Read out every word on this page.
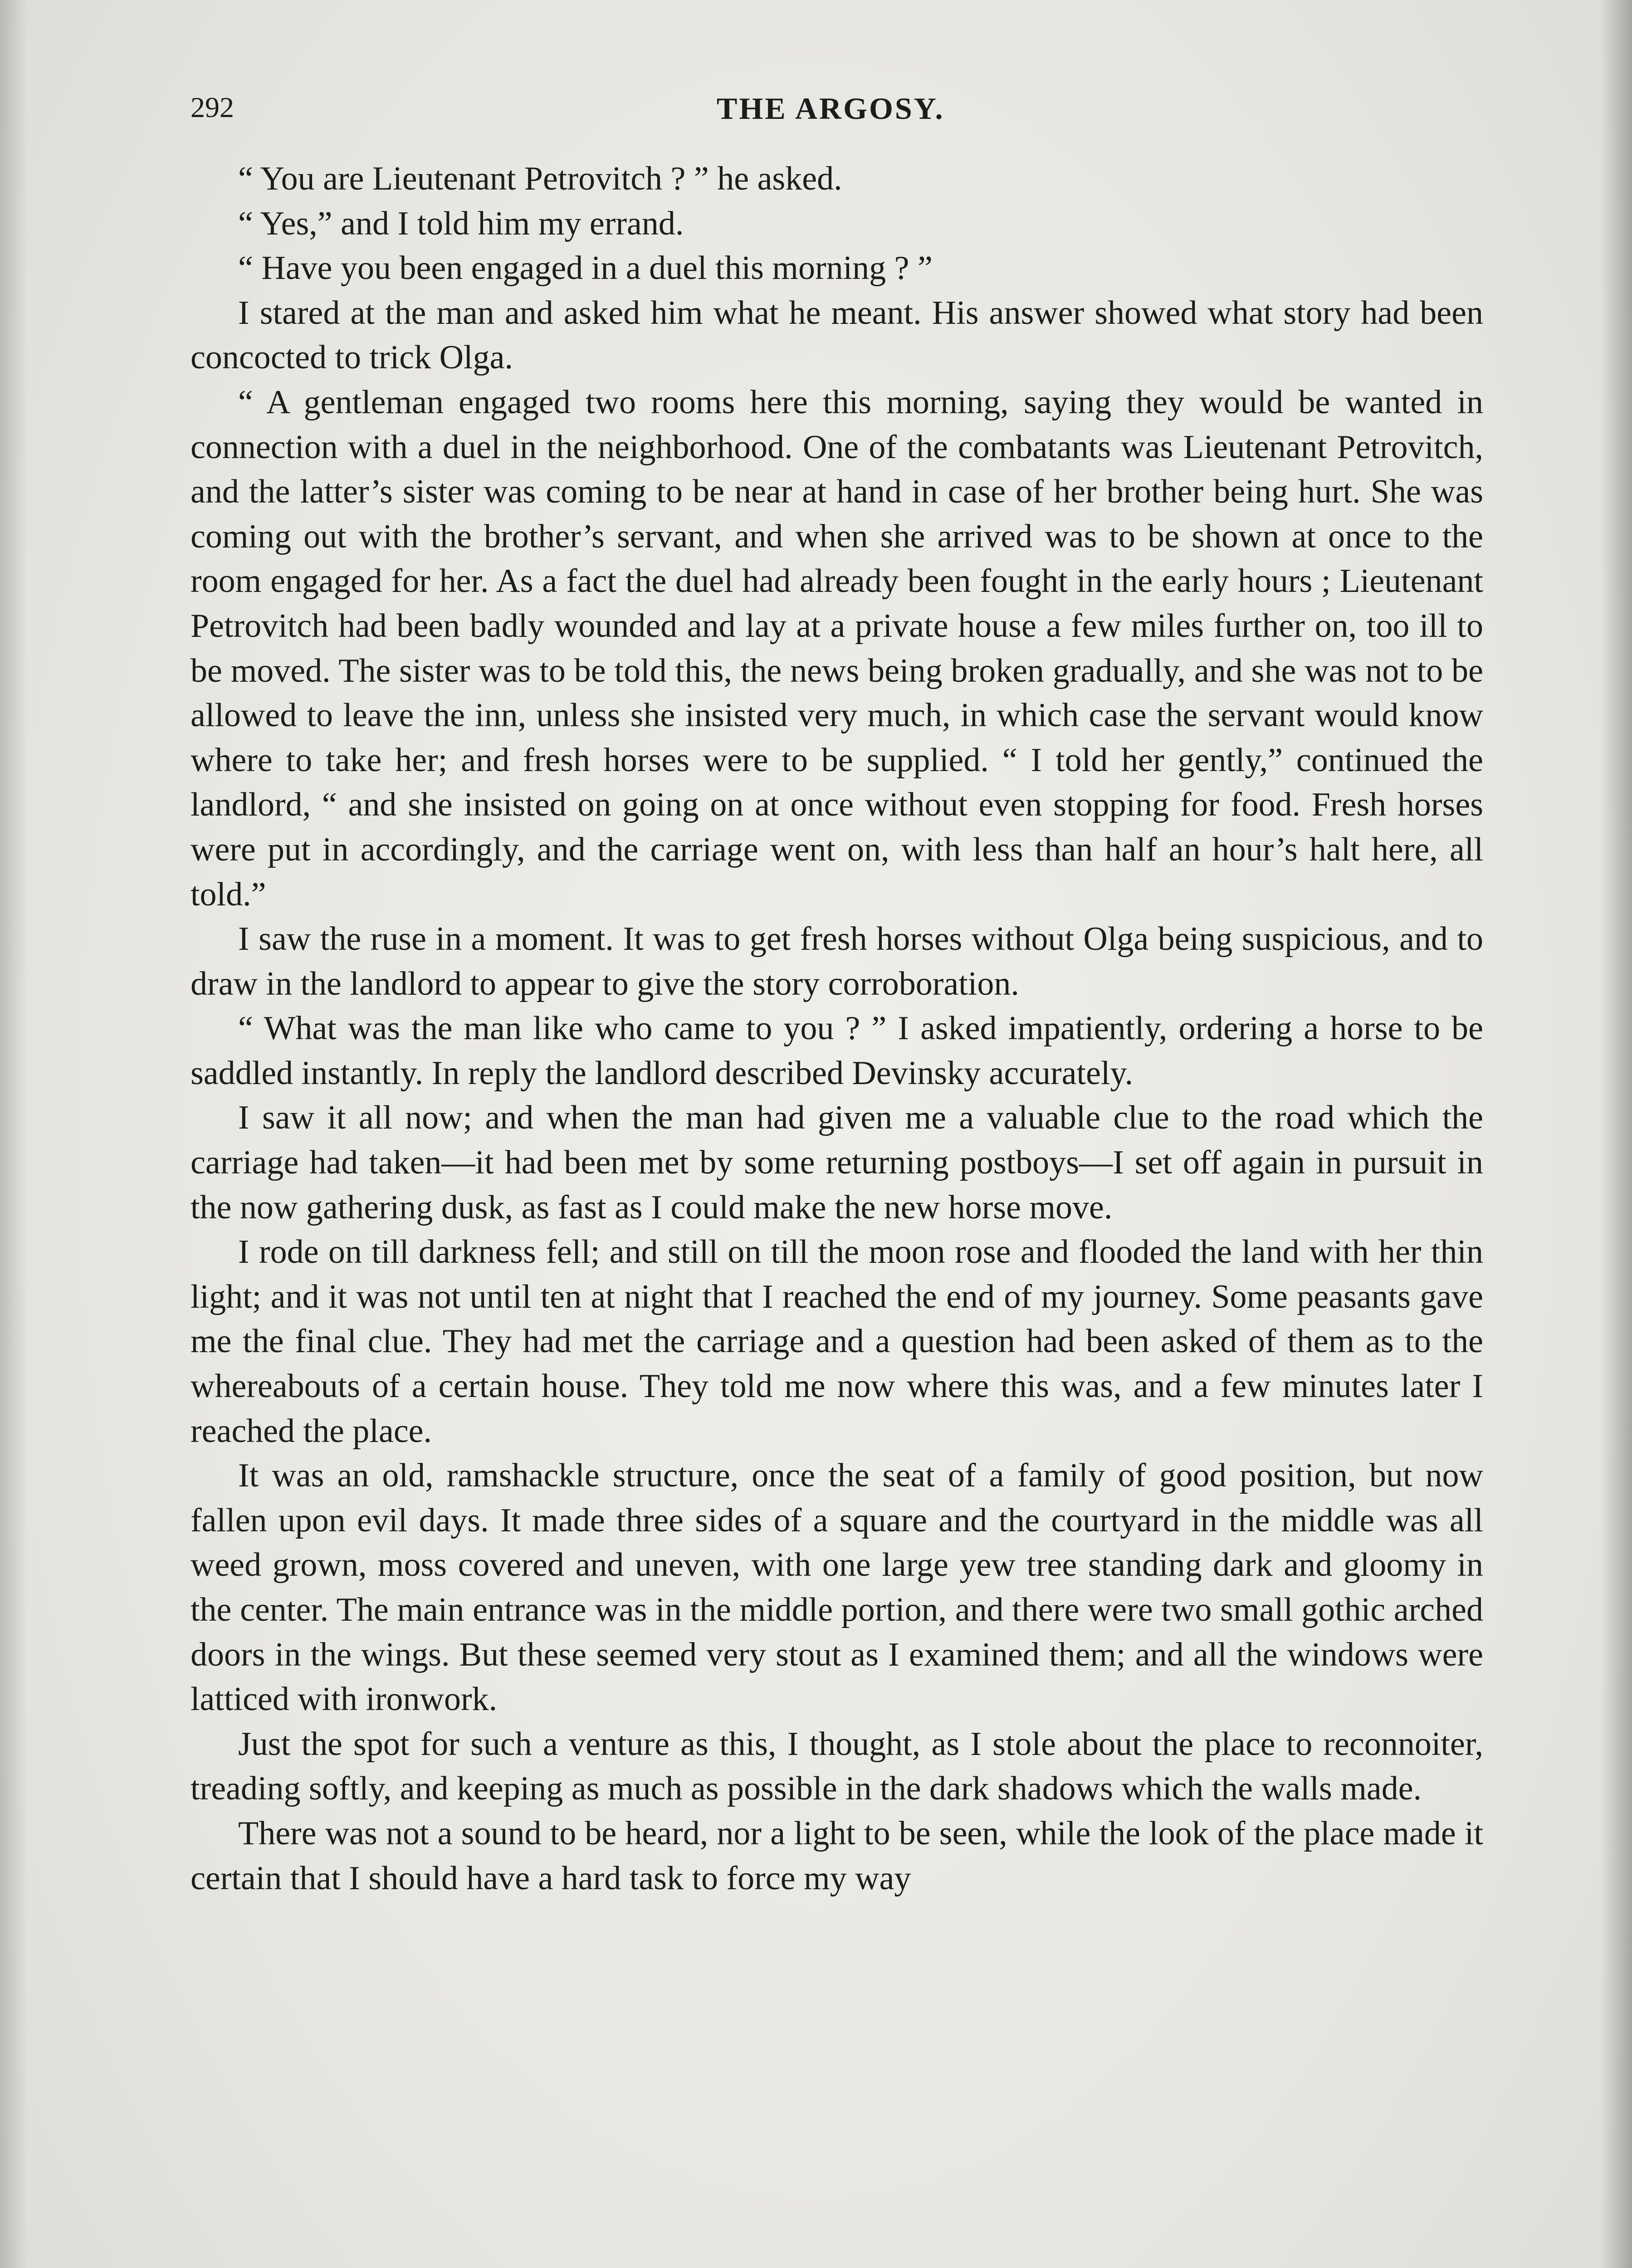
292	THE ARGOSY.

“ You are Lieutenant Petrovitch ? ” he asked.

“ Yes,” and I told him my errand.

“ Have you been engaged in a duel this morning ? ”

I stared at the man and asked him what he meant. His answer showed what story had been concocted to trick Olga.

“ A gentleman engaged two rooms here this morning, saying they would be wanted in connection with a duel in the neighborhood. One of the combatants was Lieutenant Petrovitch, and the latter’s sister was coming to be near at hand in case of her brother being hurt. She was coming out with the brother’s servant, and when she arrived was to be shown at once to the room engaged for her. As a fact the duel had already been fought in the early hours ; Lieutenant Petrovitch had been badly wounded and lay at a private house a few miles further on, too ill to be moved. The sister was to be told this, the news being broken gradually, and she was not to be allowed to leave the inn, unless she insisted very much, in which case the servant would know where to take her; and fresh horses were to be supplied. “ I told her gently,” continued the landlord, “ and she insisted on going on at once without even stopping for food. Fresh horses were put in accordingly, and the carriage went on, with less than half an hour’s halt here, all told.”

I saw the ruse in a moment. It was to get fresh horses without Olga being suspicious, and to draw in the landlord to appear to give the story corroboration.

“ What was the man like who came to you ? ” I asked impatiently, ordering a horse to be saddled instantly. In reply the landlord described Devinsky accurately.

I saw it all now; and when the man had given me a valuable clue to the road which the carriage had taken—it had been met by some returning postboys—I set off again in pursuit in the now gathering dusk, as fast as I could make the new horse move.

I rode on till darkness fell; and still on till the moon rose and flooded the land with her thin light; and it was not until ten at night that I reached the end of my journey. Some peasants gave me the final clue. They had met the carriage and a question had been asked of them as to the whereabouts of a certain house. They told me now where this was, and a few minutes later I reached the place.

It was an old, ramshackle structure, once the seat of a family of good position, but now fallen upon evil days. It made three sides of a square and the courtyard in the middle was all weed grown, moss covered and uneven, with one large yew tree standing dark and gloomy in the center. The main entrance was in the middle portion, and there were two small gothic arched doors in the wings. But these seemed very stout as I examined them; and all the windows were latticed with ironwork.

Just the spot for such a venture as this, I thought, as I stole about the place to reconnoiter, treading softly, and keeping as much as possible in the dark shadows which the walls made.

There was not a sound to be heard, nor a light to be seen, while the look of the place made it certain that I should have a hard task to force my way
